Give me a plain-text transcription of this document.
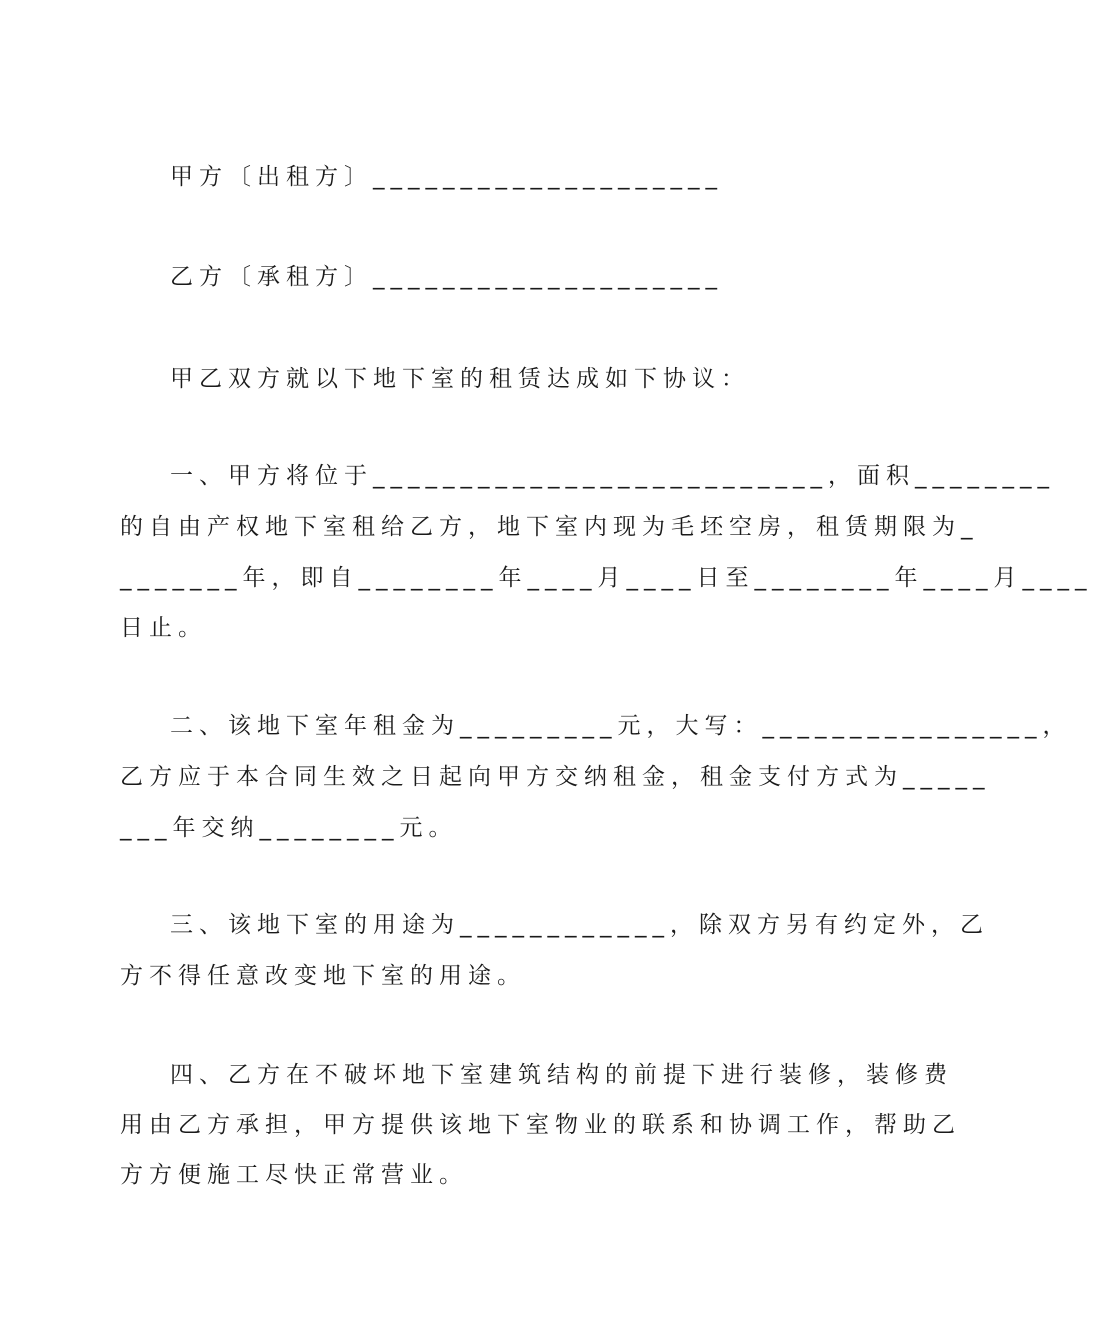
甲方〔出租方〕____________________
乙方〔承租方〕____________________
甲乙双方就以下地下室的租赁达成如下协议：
一、甲方将位于__________________________，面积________
的自由产权地下室租给乙方，地下室内现为毛坯空房，租赁期限为_
_______年，即自________年____月____日至________年____月____
日止。
二、该地下室年租金为_________元，大写：________________，
乙方应于本合同生效之日起向甲方交纳租金，租金支付方式为_____
___年交纳________元。
三、该地下室的用途为____________，除双方另有约定外，乙
方不得任意改变地下室的用途。
四、乙方在不破坏地下室建筑结构的前提下进行装修，装修费
用由乙方承担，甲方提供该地下室物业的联系和协调工作，帮助乙
方方便施工尽快正常营业。
